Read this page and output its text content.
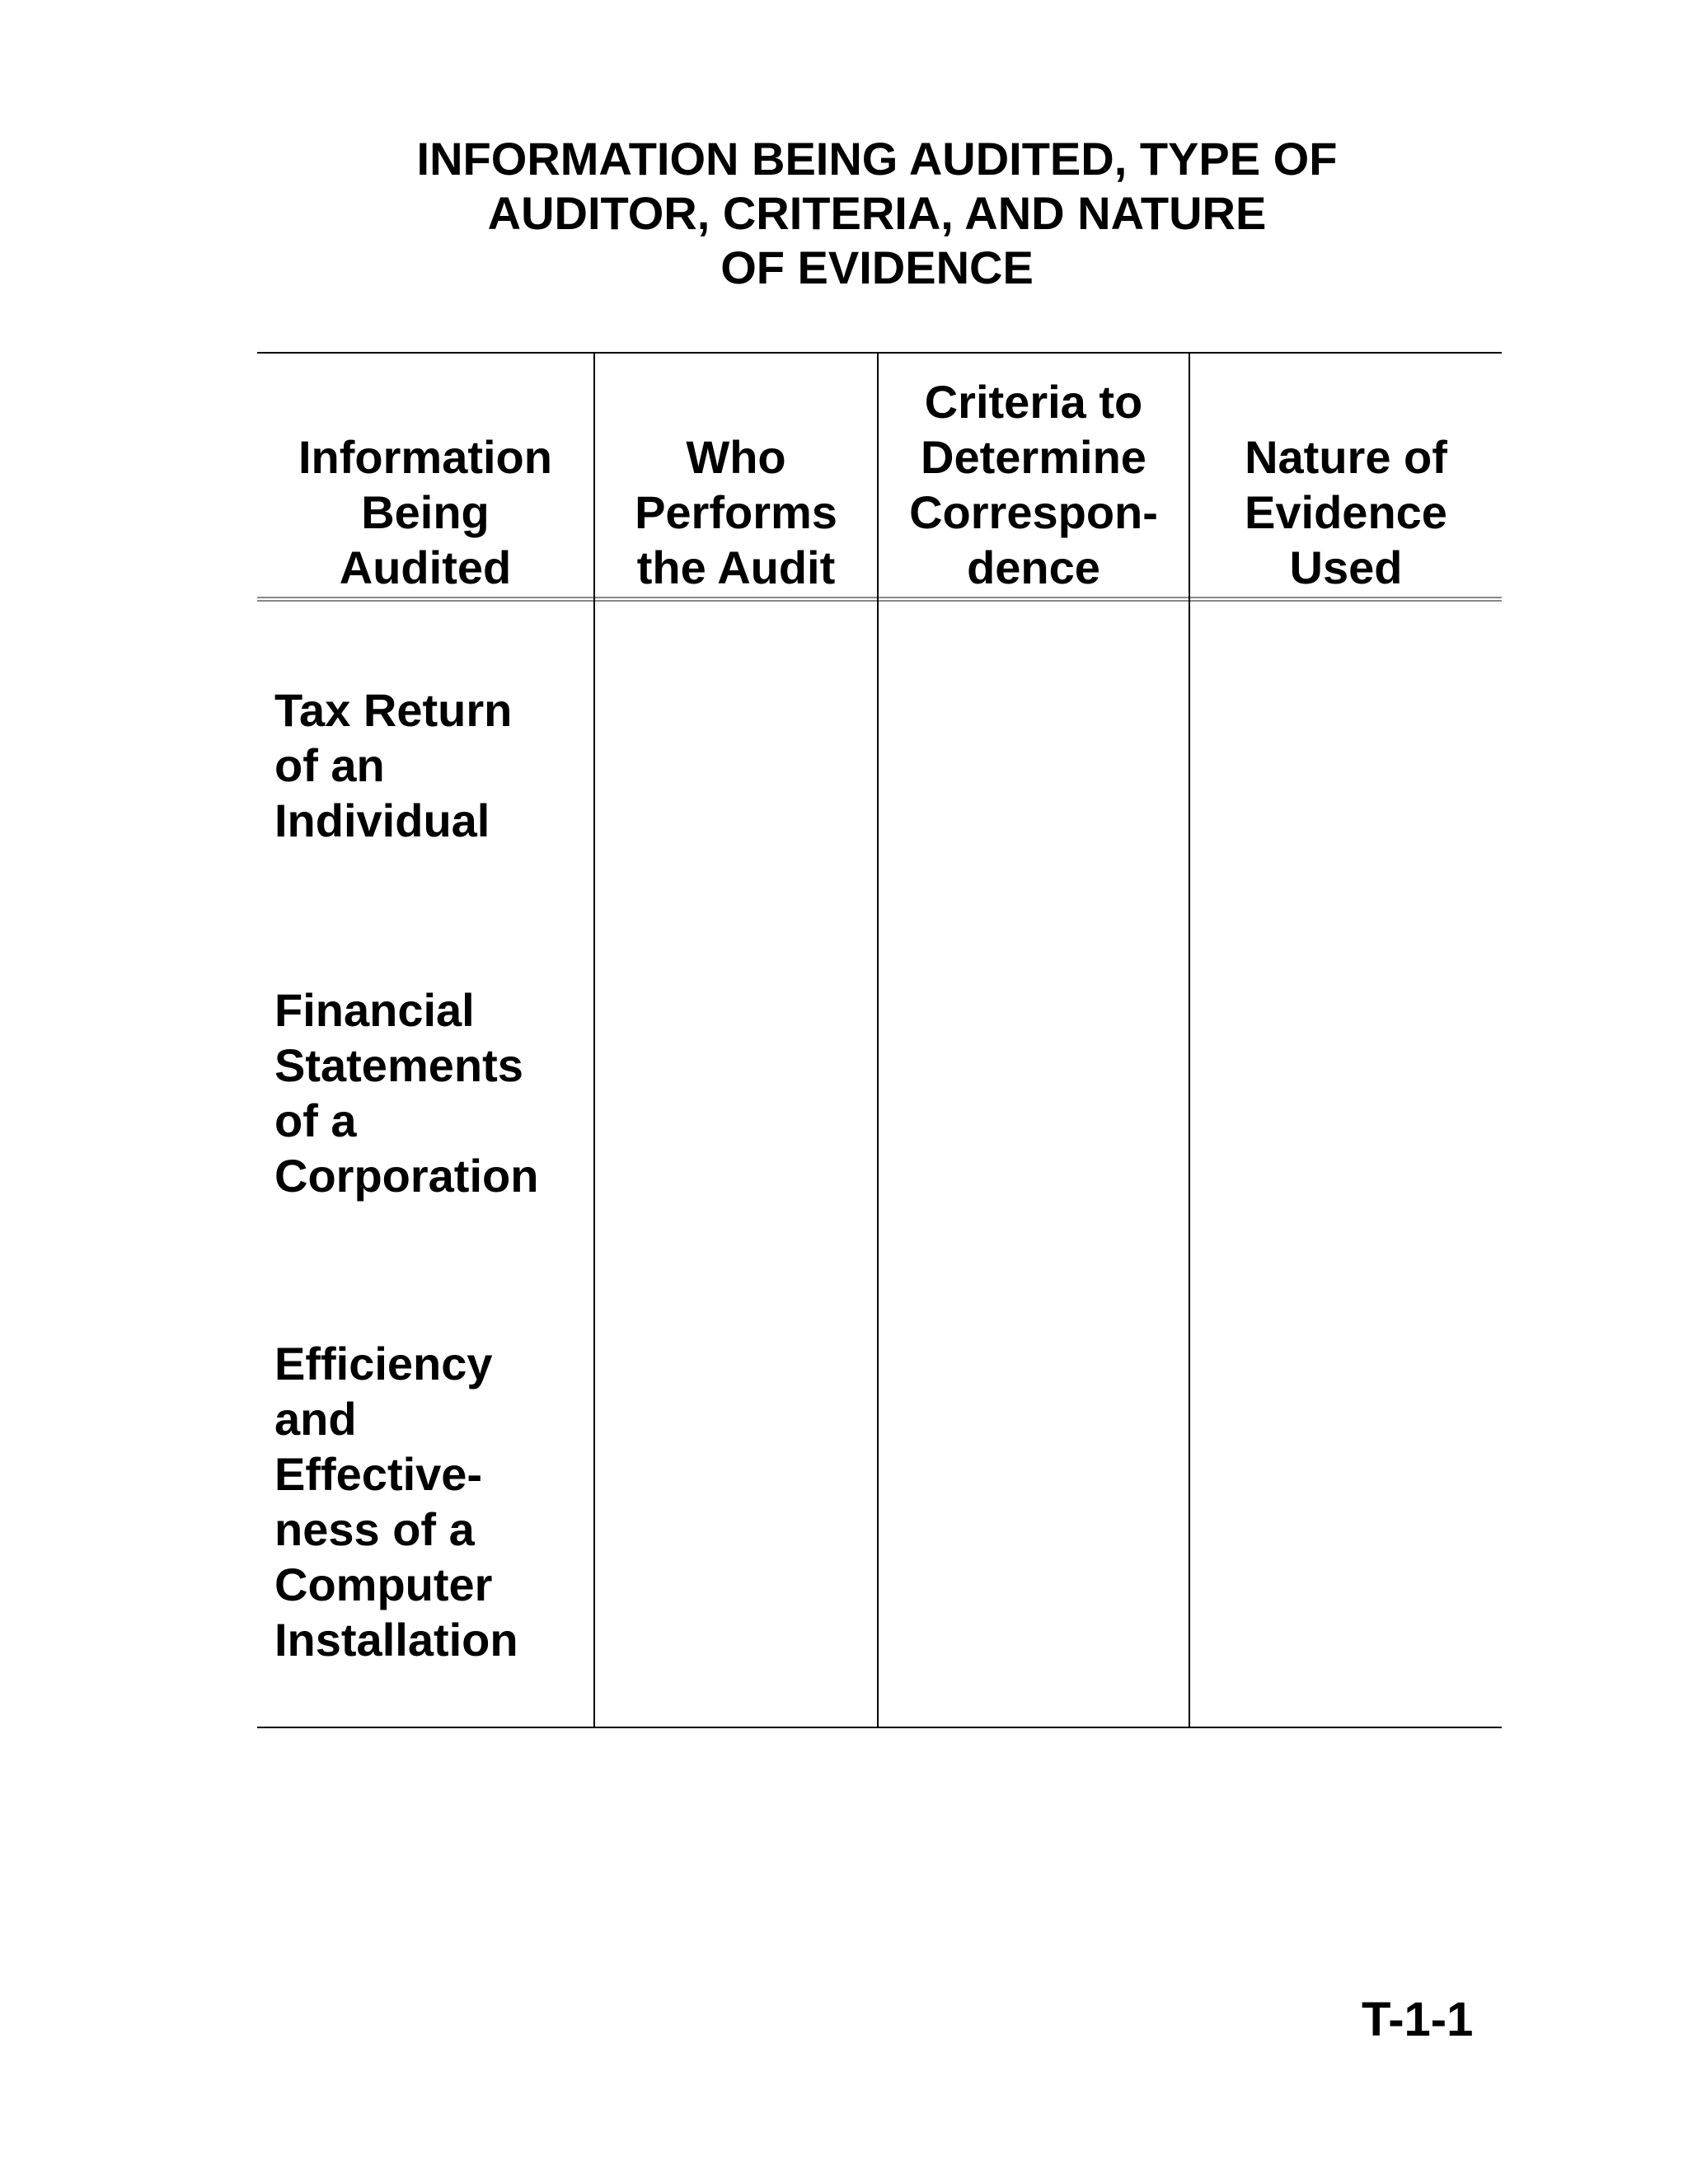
INFORMATION BEING AUDITED, TYPE OF
AUDITOR, CRITERIA, AND NATURE
OF EVIDENCE
Information
Being
Audited
Who
Performs
the Audit
Criteria to
Determine
Correspon-
dence
Nature of
Evidence
Used
Tax Return
of an
Individual
Financial
Statements
of a
Corporation
Efficiency
and
Effective-
ness of a
Computer
Installation
T-1-1
